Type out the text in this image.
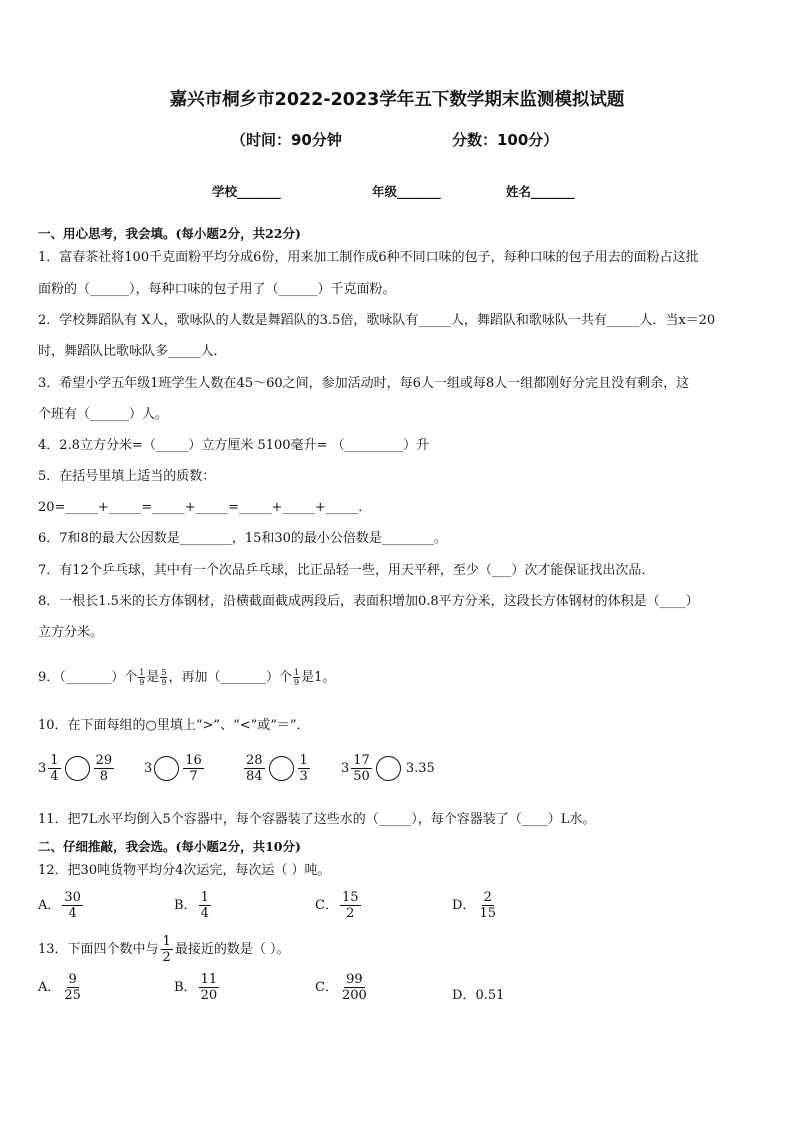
嘉兴市桐乡市2022-2023学年五下数学期末监测模拟试题
（时间：90分钟	分数：100分）
学校_______	年级_______	姓名_______
一、用心思考，我会填。(每小题2分，共22分)
1．富春茶社将100千克面粉平均分成6份，用来加工制作成6种不同口味的包子，每种口味的包子用去的面粉占这批
面粉的（______），每种口味的包子用了（______）千克面粉。
2．学校舞蹈队有 X人，歌咏队的人数是舞蹈队的3.5倍，歌咏队有_____人，舞蹈队和歌咏队一共有_____人．当x＝20
时，舞蹈队比歌咏队多_____人．
3．希望小学五年级1班学生人数在45～60之间，参加活动时，每6人一组或每8人一组都刚好分完且没有剩余，这
个班有（______）人。
4．2.8立方分米=（_____）立方厘米 5100毫升= （_________）升
5．在括号里填上适当的质数：
20=_____+_____=_____+_____=_____+_____+_____．
6．7和8的最大公因数是________，15和30的最小公倍数是________。
7．有12个乒乓球，其中有一个次品乒乓球，比正品轻一些，用天平秤，至少（___）次才能保证找出次品．
8．一根长1.5米的长方体钢材，沿横截面截成两段后，表面积增加0.8平方分米，这段长方体钢材的体积是（____）
立方分米。
9．（_______）个 $\frac{1}{9}$ 是 $\frac{5}{9}$ ，再加（_______）个 $\frac{1}{9}$ 是1。
10．在下面每组的○里填上“>”、“<”或“＝”．
$3 \frac{1}{4}$	$\frac{29}{8} 3 \frac{16}{7}$	$\frac{28}{84}$	$\frac{1}{3} 3 \frac{17}{50}$	3.35
11．把7L水平均倒入5个容器中，每个容器装了这些水的（_____），每个容器装了（____）L水。
二、仔细推敲，我会选。(每小题2分，共10分)
12．把30吨货物平均分4次运完，每次运（ ）吨。
A． $\frac{30}{4}$	B． $\frac{1}{4}$	C． $\frac{15}{2}$	D． $\frac{2}{15}$
13．下面四个数中与 $\frac{1}{2}$ 最接近的数是（ ）。
A． $\frac{9}{25}$	B． $\frac{11}{20}$	C． $\frac{99}{200}$	D．0.51
